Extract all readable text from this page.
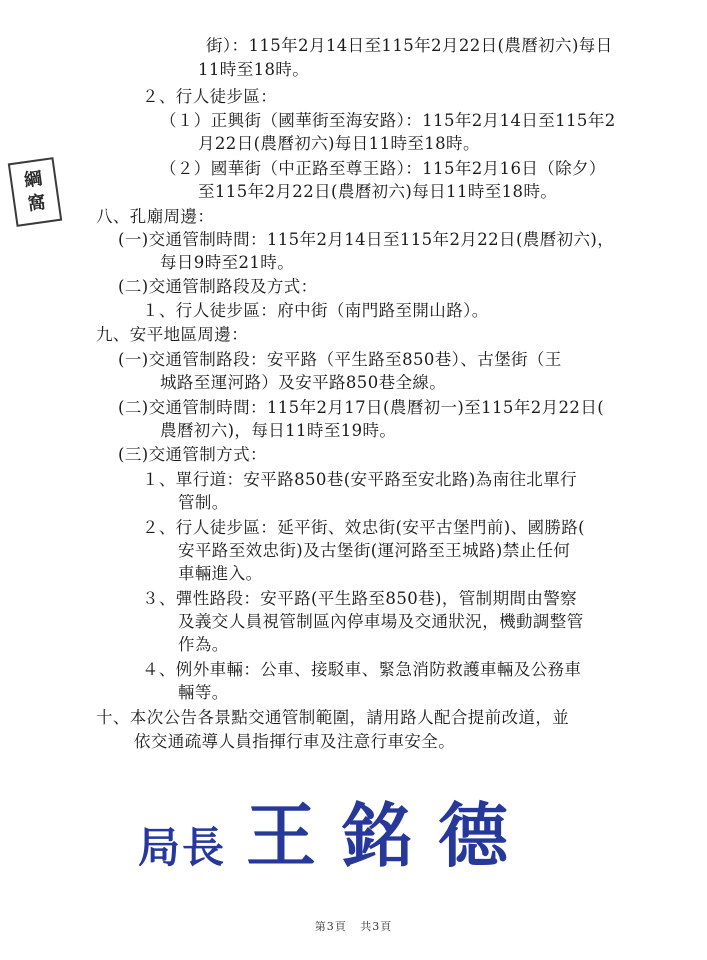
綱
窩
街）：115年2月14日至115年2月22日(農曆初六)每日
11時至18時。
２、行人徒步區：
（１）正興街（國華街至海安路）：115年2月14日至115年2
月22日(農曆初六)每日11時至18時。
（２）國華街（中正路至尊王路）：115年2月16日（除夕）
至115年2月22日(農曆初六)每日11時至18時。
八、孔廟周邊：
(一)交通管制時間：115年2月14日至115年2月22日(農曆初六)，
每日9時至21時。
(二)交通管制路段及方式：
１、行人徒步區：府中街（南門路至開山路）。
九、安平地區周邊：
(一)交通管制路段：安平路（平生路至850巷）、古堡街（王
城路至運河路）及安平路850巷全線。
(二)交通管制時間：115年2月17日(農曆初一)至115年2月22日(
農曆初六)，每日11時至19時。
(三)交通管制方式：
１、單行道：安平路850巷(安平路至安北路)為南往北單行
管制。
２、行人徒步區：延平街、效忠街(安平古堡門前)、國勝路(
安平路至效忠街)及古堡街(運河路至王城路)禁止任何
車輛進入。
３、彈性路段：安平路(平生路至850巷)，管制期間由警察
及義交人員視管制區內停車場及交通狀況，機動調整管
作為。
４、例外車輛：公車、接駁車、緊急消防救護車輛及公務車
輛等。
十、本次公告各景點交通管制範圍，請用路人配合提前改道，並
依交通疏導人員指揮行車及注意行車安全。
局長 王銘德
第3頁 共3頁
